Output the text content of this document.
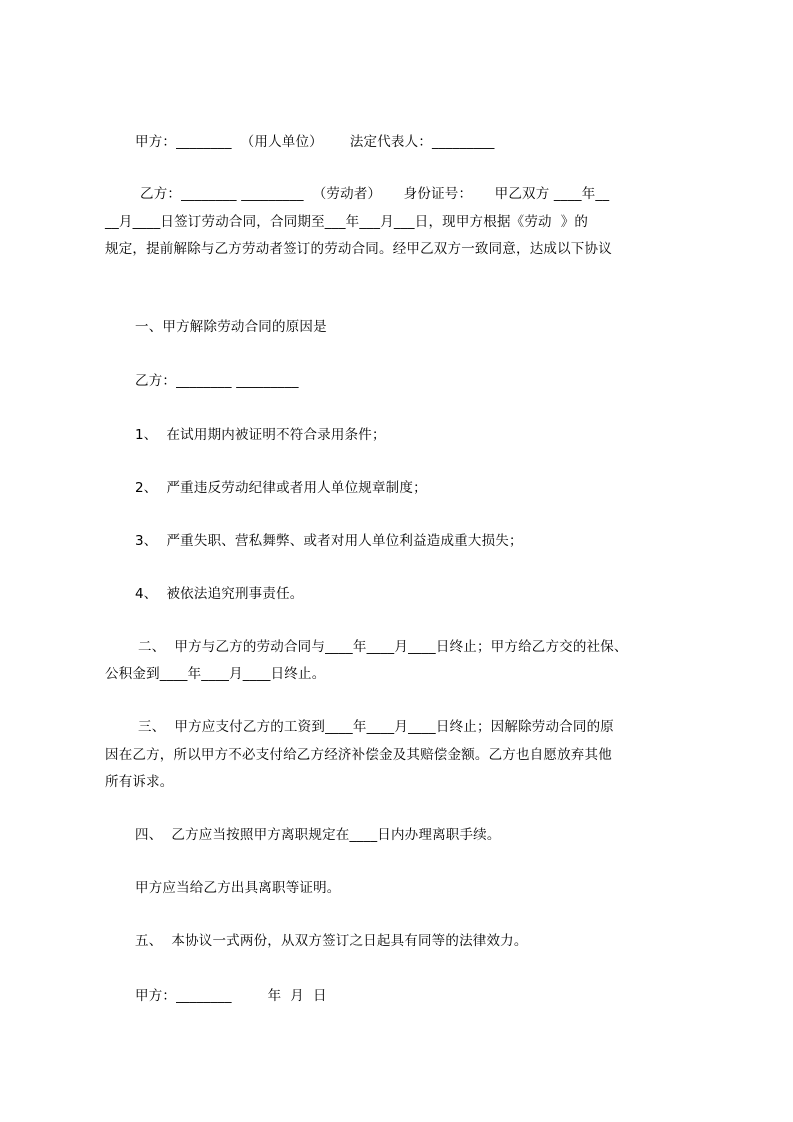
甲方：________  （用人单位）      法定代表人：_________
乙方：________ _________  （劳动者）     身份证号：     甲乙双方 ____年__
__月____日签订劳动合同，合同期至___年___月___日，现甲方根据《劳动  》的
规定，提前解除与乙方劳动者签订的劳动合同。经甲乙双方一致同意，达成以下协议
一、甲方解除劳动合同的原因是
乙方：________ _________
1、  在试用期内被证明不符合录用条件；
2、  严重违反劳动纪律或者用人单位规章制度；
3、  严重失职、营私舞弊、或者对用人单位利益造成重大损失；
4、  被依法追究刑事责任。
二、  甲方与乙方的劳动合同与____年____月____日终止；甲方给乙方交的社保、
公积金到____年____月____日终止。
三、  甲方应支付乙方的工资到____年____月____日终止；因解除劳动合同的原
因在乙方，所以甲方不必支付给乙方经济补偿金及其赔偿金额。乙方也自愿放弃其他
所有诉求。
四、  乙方应当按照甲方离职规定在____日内办理离职手续。
甲方应当给乙方出具离职等证明。
五、  本协议一式两份，从双方签订之日起具有同等的法律效力。
甲方：________        年  月  日
